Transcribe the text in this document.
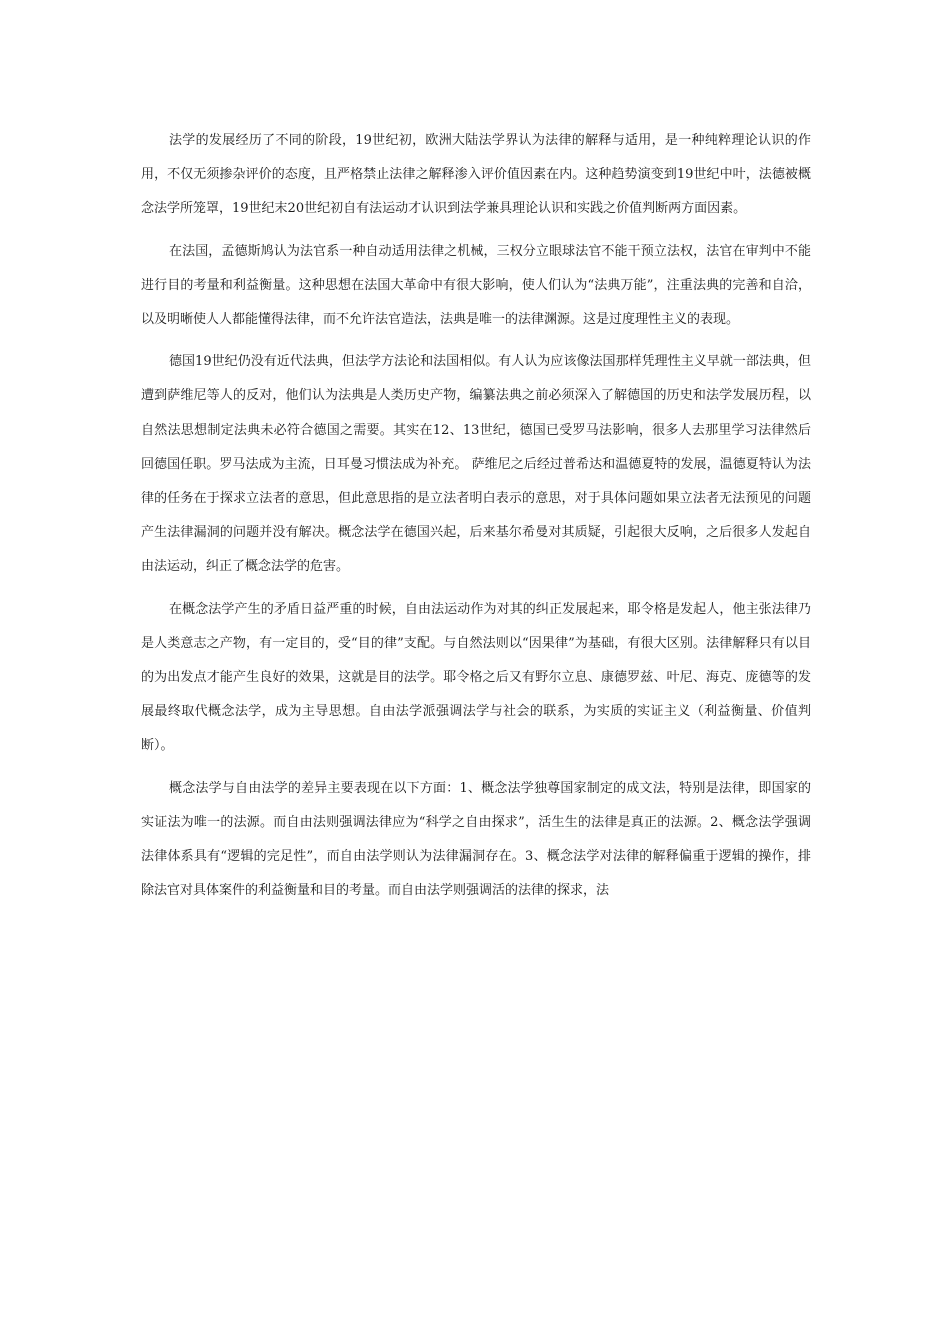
法学的发展经历了不同的阶段，19世纪初，欧洲大陆法学界认为法律的解释与适用，是一种纯粹理论认识的作用，不仅无须掺杂评价的态度，且严格禁止法律之解释渗入评价值因素在内。这种趋势演变到19世纪中叶，法德被概念法学所笼罩，19世纪末20世纪初自有法运动才认识到法学兼具理论认识和实践之价值判断两方面因素。

在法国，孟德斯鸠认为法官系一种自动适用法律之机械，三权分立眼球法官不能干预立法权，法官在审判中不能进行目的考量和利益衡量。这种思想在法国大革命中有很大影响，使人们认为“法典万能”，注重法典的完善和自洽，以及明晰使人人都能懂得法律，而不允许法官造法，法典是唯一的法律渊源。这是过度理性主义的表现。

德国19世纪仍没有近代法典，但法学方法论和法国相似。有人认为应该像法国那样凭理性主义早就一部法典，但遭到萨维尼等人的反对，他们认为法典是人类历史产物，编纂法典之前必须深入了解德国的历史和法学发展历程，以自然法思想制定法典未必符合德国之需要。其实在12、13世纪，德国已受罗马法影响，很多人去那里学习法律然后回德国任职。罗马法成为主流，日耳曼习惯法成为补充。 萨维尼之后经过普希达和温德夏特的发展，温德夏特认为法律的任务在于探求立法者的意思，但此意思指的是立法者明白表示的意思，对于具体问题如果立法者无法预见的问题产生法律漏洞的问题并没有解决。概念法学在德国兴起，后来基尔希曼对其质疑，引起很大反响，之后很多人发起自由法运动，纠正了概念法学的危害。

在概念法学产生的矛盾日益严重的时候，自由法运动作为对其的纠正发展起来，耶令格是发起人，他主张法律乃是人类意志之产物，有一定目的，受“目的律”支配。与自然法则以“因果律”为基础，有很大区别。法律解释只有以目的为出发点才能产生良好的效果，这就是目的法学。耶令格之后又有野尔立息、康德罗兹、叶尼、海克、庞德等的发展最终取代概念法学，成为主导思想。自由法学派强调法学与社会的联系，为实质的实证主义（利益衡量、价值判断）。

概念法学与自由法学的差异主要表现在以下方面：1、概念法学独尊国家制定的成文法，特别是法律，即国家的实证法为唯一的法源。而自由法则强调法律应为“科学之自由探求”，活生生的法律是真正的法源。2、概念法学强调法律体系具有“逻辑的完足性”，而自由法学则认为法律漏洞存在。3、概念法学对法律的解释偏重于逻辑的操作，排除法官对具体案件的利益衡量和目的考量。而自由法学则强调活的法律的探求，法
